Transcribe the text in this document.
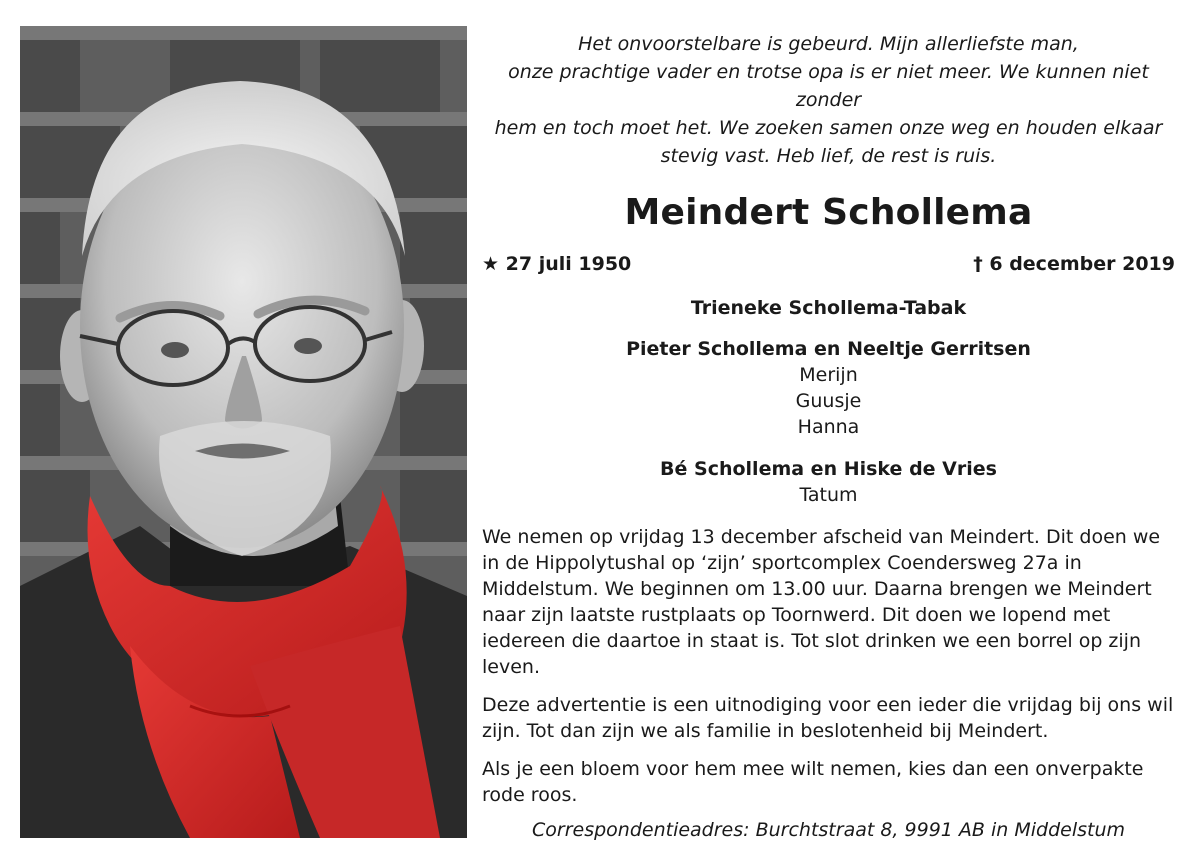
Het onvoorstelbare is gebeurd. Mijn allerliefste man,
onze prachtige vader en trotse opa is er niet meer. We kunnen niet zonder
hem en toch moet het. We zoeken samen onze weg en houden elkaar
stevig vast. Heb lief, de rest is ruis.

Meindert Schollema
★ 27 juli 1950	† 6 december 2019
Trieneke Schollema-Tabak
Pieter Schollema en Neeltje Gerritsen
Merijn
Guusje
Hanna
Bé Schollema en Hiske de Vries
Tatum

We nemen op vrijdag 13 december afscheid van Meindert. Dit doen we in de Hippolytushal op ‘zijn’ sportcomplex Coendersweg 27a in Middelstum. We beginnen om 13.00 uur. Daarna brengen we Meindert naar zijn laatste rustplaats op Toornwerd. Dit doen we lopend met iedereen die daartoe in staat is. Tot slot drinken we een borrel op zijn leven.

Deze advertentie is een uitnodiging voor een ieder die vrijdag bij ons wil zijn. Tot dan zijn we als familie in beslotenheid bij Meindert.

Als je een bloem voor hem mee wilt nemen, kies dan een onverpakte rode roos.

Correspondentieadres: Burchtstraat 8, 9991 AB in Middelstum
